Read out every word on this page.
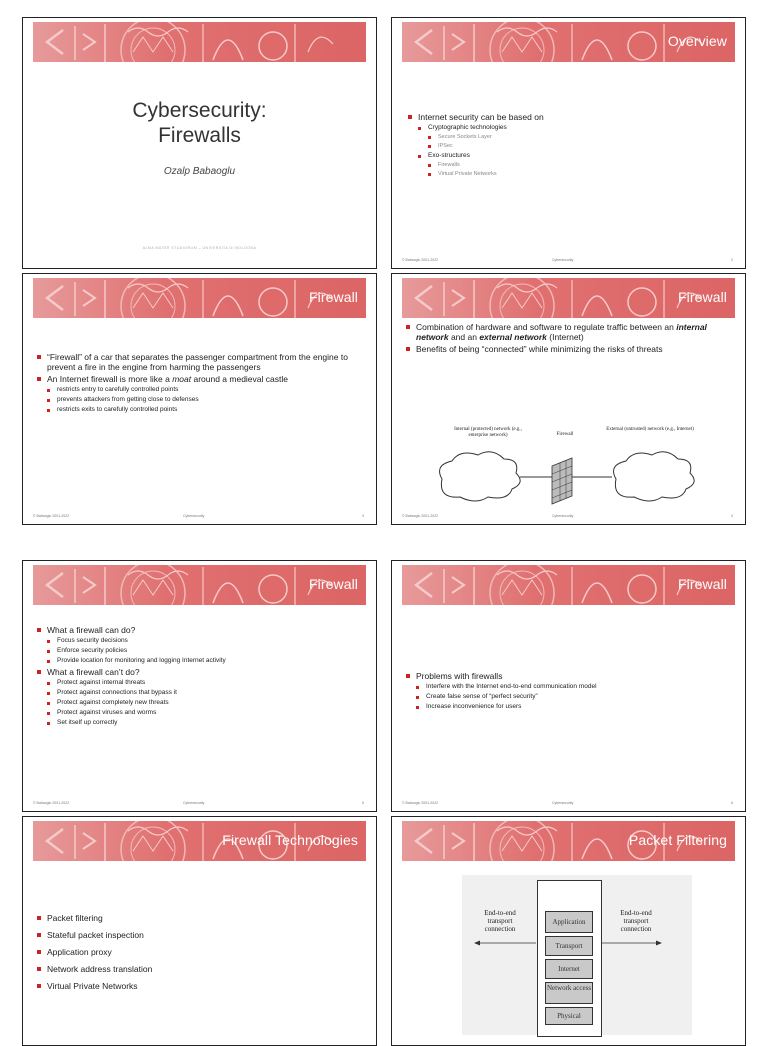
Cybersecurity:
Firewalls
Ozalp Babaoglu
ALMA MATER STUDIORUM – UNIVERSITA DI BOLOGNA
Overview
Internet security can be based on
Cryptographic technologies
Secure Sockets Layer
IPSec
Exo-structures
Firewalls
Virtual Private Networks
© Babaoglu 2001-2022	Cybersecurity	2
Firewall
“Firewall” of a car that separates the passenger compartment from the engine to prevent a fire in the engine from harming the passengers
An Internet firewall is more like a moat around a medieval castle
restricts entry to carefully controlled points
prevents attackers from getting close to defenses
restricts exits to carefully controlled points
© Babaoglu 2001-2022	Cybersecurity	3
Firewall
Combination of hardware and software to regulate traffic between an internal network and an external network (Internet)
Benefits of being “connected” while minimizing the risks of threats
Internal (protected) network (e.g., enterprise network)	Firewall
External (untrusted) network (e.g., Internet)
© Babaoglu 2001-2022	Cybersecurity	4
Firewall
What a firewall can do?
Focus security decisions
Enforce security policies
Provide location for monitoring and logging Internet activity
What a firewall can’t do?
Protect against internal threats
Protect against connections that bypass it
Protect against completely new threats
Protect against viruses and worms
Set itself up correctly
© Babaoglu 2001-2022	Cybersecurity	5
Firewall
Problems with firewalls
Interfere with the Internet end-to-end communication model
Create false sense of “perfect security”
Increase inconvenience for users
© Babaoglu 2001-2022	Cybersecurity	6
Firewall Technologies
Packet filtering
Stateful packet inspection
Application proxy
Network address translation
Virtual Private Networks
Packet Filtering
End-to-end transport connection
End-to-end transport connection
Application
Transport
Internet
Network access
Physical
